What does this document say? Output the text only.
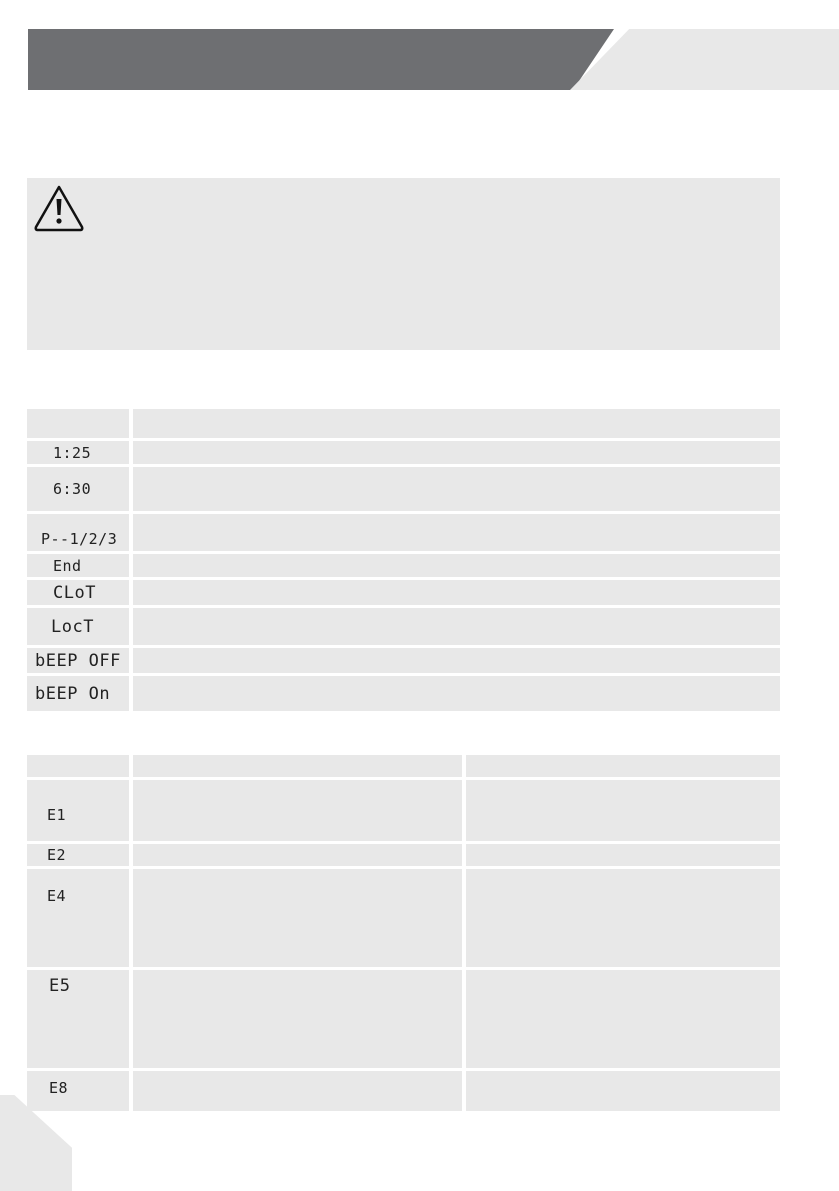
1:25	

6:30	

P--1/2/3	

End	

CLoT	

LocT	

bEEP OFF	

bEEP On	

E1		

E2		

E4		

E5		

E8		
